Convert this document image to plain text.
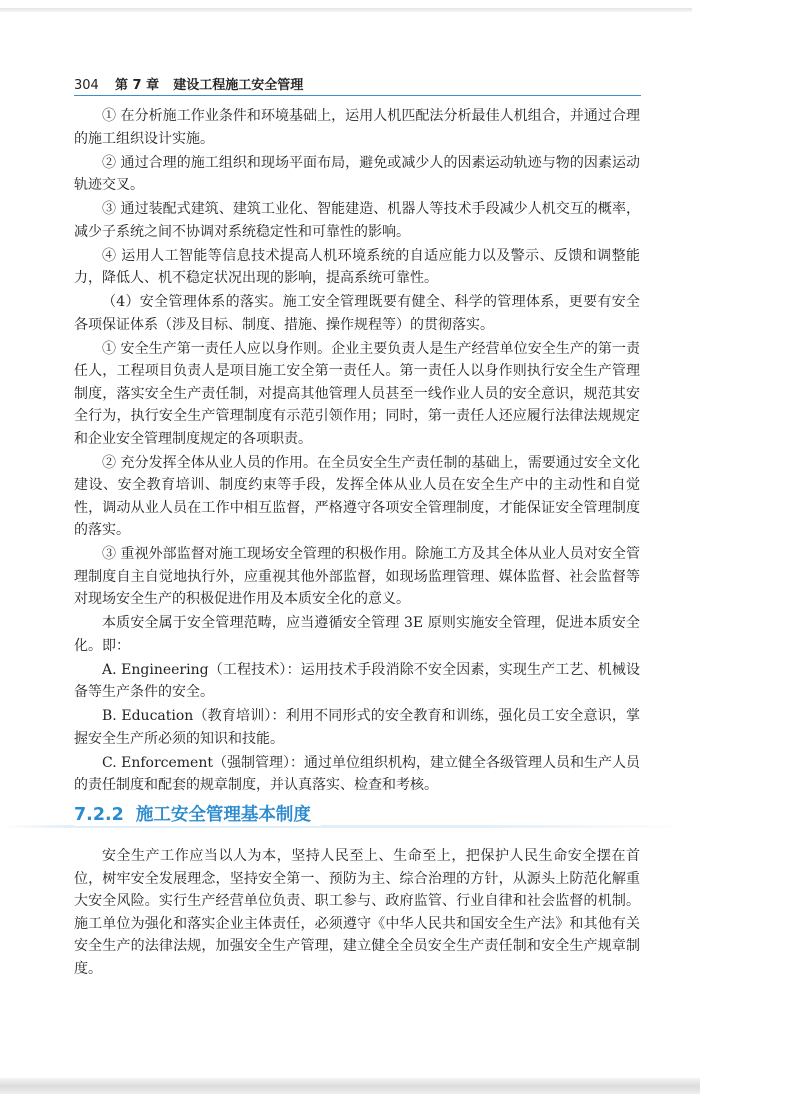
304 第 7 章 建设工程施工安全管理

① 在分析施工作业条件和环境基础上，运用人机匹配法分析最佳人机组合，并通过合理的施工组织设计实施。

② 通过合理的施工组织和现场平面布局，避免或减少人的因素运动轨迹与物的因素运动轨迹交叉。

③ 通过装配式建筑、建筑工业化、智能建造、机器人等技术手段减少人机交互的概率，减少子系统之间不协调对系统稳定性和可靠性的影响。

④ 运用人工智能等信息技术提高人机环境系统的自适应能力以及警示、反馈和调整能力，降低人、机不稳定状况出现的影响，提高系统可靠性。

（4）安全管理体系的落实。施工安全管理既要有健全、科学的管理体系，更要有安全各项保证体系（涉及目标、制度、措施、操作规程等）的贯彻落实。

① 安全生产第一责任人应以身作则。企业主要负责人是生产经营单位安全生产的第一责任人，工程项目负责人是项目施工安全第一责任人。第一责任人以身作则执行安全生产管理制度，落实安全生产责任制，对提高其他管理人员甚至一线作业人员的安全意识，规范其安全行为，执行安全生产管理制度有示范引领作用；同时，第一责任人还应履行法律法规规定和企业安全管理制度规定的各项职责。

② 充分发挥全体从业人员的作用。在全员安全生产责任制的基础上，需要通过安全文化建设、安全教育培训、制度约束等手段，发挥全体从业人员在安全生产中的主动性和自觉性，调动从业人员在工作中相互监督，严格遵守各项安全管理制度，才能保证安全管理制度的落实。

③ 重视外部监督对施工现场安全管理的积极作用。除施工方及其全体从业人员对安全管理制度自主自觉地执行外，应重视其他外部监督，如现场监理管理、媒体监督、社会监督等对现场安全生产的积极促进作用及本质安全化的意义。

本质安全属于安全管理范畴，应当遵循安全管理 3E 原则实施安全管理，促进本质安全化。即：

A. Engineering（工程技术）：运用技术手段消除不安全因素，实现生产工艺、机械设备等生产条件的安全。

B. Education（教育培训）：利用不同形式的安全教育和训练，强化员工安全意识，掌握安全生产所必须的知识和技能。

C. Enforcement（强制管理）：通过单位组织机构，建立健全各级管理人员和生产人员的责任制度和配套的规章制度，并认真落实、检查和考核。

7.2.2 施工安全管理基本制度

安全生产工作应当以人为本，坚持人民至上、生命至上，把保护人民生命安全摆在首位，树牢安全发展理念，坚持安全第一、预防为主、综合治理的方针，从源头上防范化解重大安全风险。实行生产经营单位负责、职工参与、政府监管、行业自律和社会监督的机制。施工单位为强化和落实企业主体责任，必须遵守《中华人民共和国安全生产法》和其他有关安全生产的法律法规，加强安全生产管理，建立健全全员安全生产责任制和安全生产规章制度。
